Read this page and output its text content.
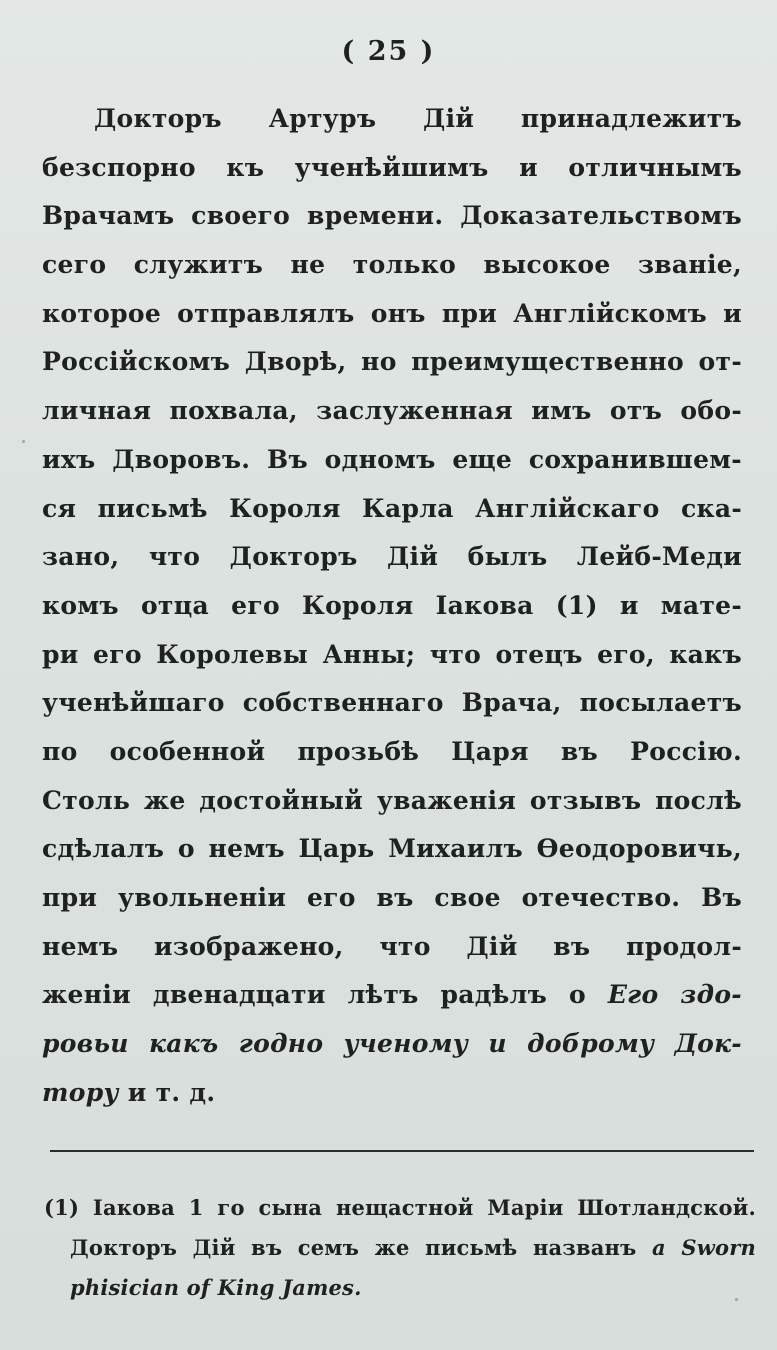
( 25 )
Докторъ Артуръ Дій принадлежитъ
безспорно къ ученѣйшимъ и отличнымъ
Врачамъ своего времени. Доказательствомъ
сего служитъ не только высокое званіе,
которое отправлялъ онъ при Англійскомъ и
Россійскомъ Дворѣ, но преимущественно от-
личная похвала, заслуженная имъ отъ обо-
ихъ Дворовъ. Въ одномъ еще сохранившем-
ся письмѣ Короля Карла Англійскаго ска-
зано, что Докторъ Дій былъ Лейб-Меди
комъ отца его Короля Іакова (1) и мате-
ри его Королевы Анны; что отецъ его, какъ
ученѣйшаго собственнаго Врача, посылаетъ
по особенной прозьбѣ Царя въ Россію.
Столь же достойный уваженія отзывъ послѣ
сдѣлалъ о немъ Царь Михаилъ Ѳеодоровичь,
при увольненіи его въ свое отечество. Въ
немъ изображено, что Дій въ продол-
женіи двенадцати лѣтъ радѣлъ о Его здо-
ровьи какъ годно ученому и доброму Док-
тору и т. д.
(1) Іакова 1 го сына нещастной Маріи Шотландской.
Докторъ Дій въ семъ же письмѣ названъ a Sworn
phisician of King James.
